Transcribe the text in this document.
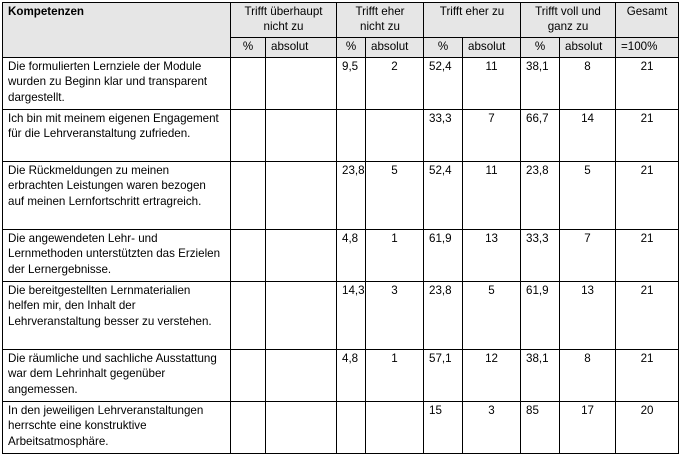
Kompetenzen	Trifft überhaupt nicht zu		Trifft eher nicht zu		Trifft eher zu		Trifft voll und ganz zu		Gesamt
	%	absolut	%	absolut	%	absolut	%	absolut	=100%
Die formulierten Lernziele der Module wurden zu Beginn klar und transparent dargestellt.			9,5	2	52,4	11	38,1	8	21
Ich bin mit meinem eigenen Engagement für die Lehrveranstaltung zufrieden.					33,3	7	66,7	14	21
Die Rückmeldungen zu meinen erbrachten Leistungen waren bezogen auf meinen Lernfortschritt ertragreich.			23,8	5	52,4	11	23,8	5	21
Die angewendeten Lehr- und Lernmethoden unterstützten das Erzielen der Lernergebnisse.			4,8	1	61,9	13	33,3	7	21
Die bereitgestellten Lernmaterialien helfen mir, den Inhalt der Lehrveranstaltung besser zu verstehen.			14,3	3	23,8	5	61,9	13	21
Die räumliche und sachliche Ausstattung war dem Lehrinhalt gegenüber angemessen.			4,8	1	57,1	12	38,1	8	21
In den jeweiligen Lehrveranstaltungen herrschte eine konstruktive Arbeitsatmosphäre.					15	3	85	17	20
